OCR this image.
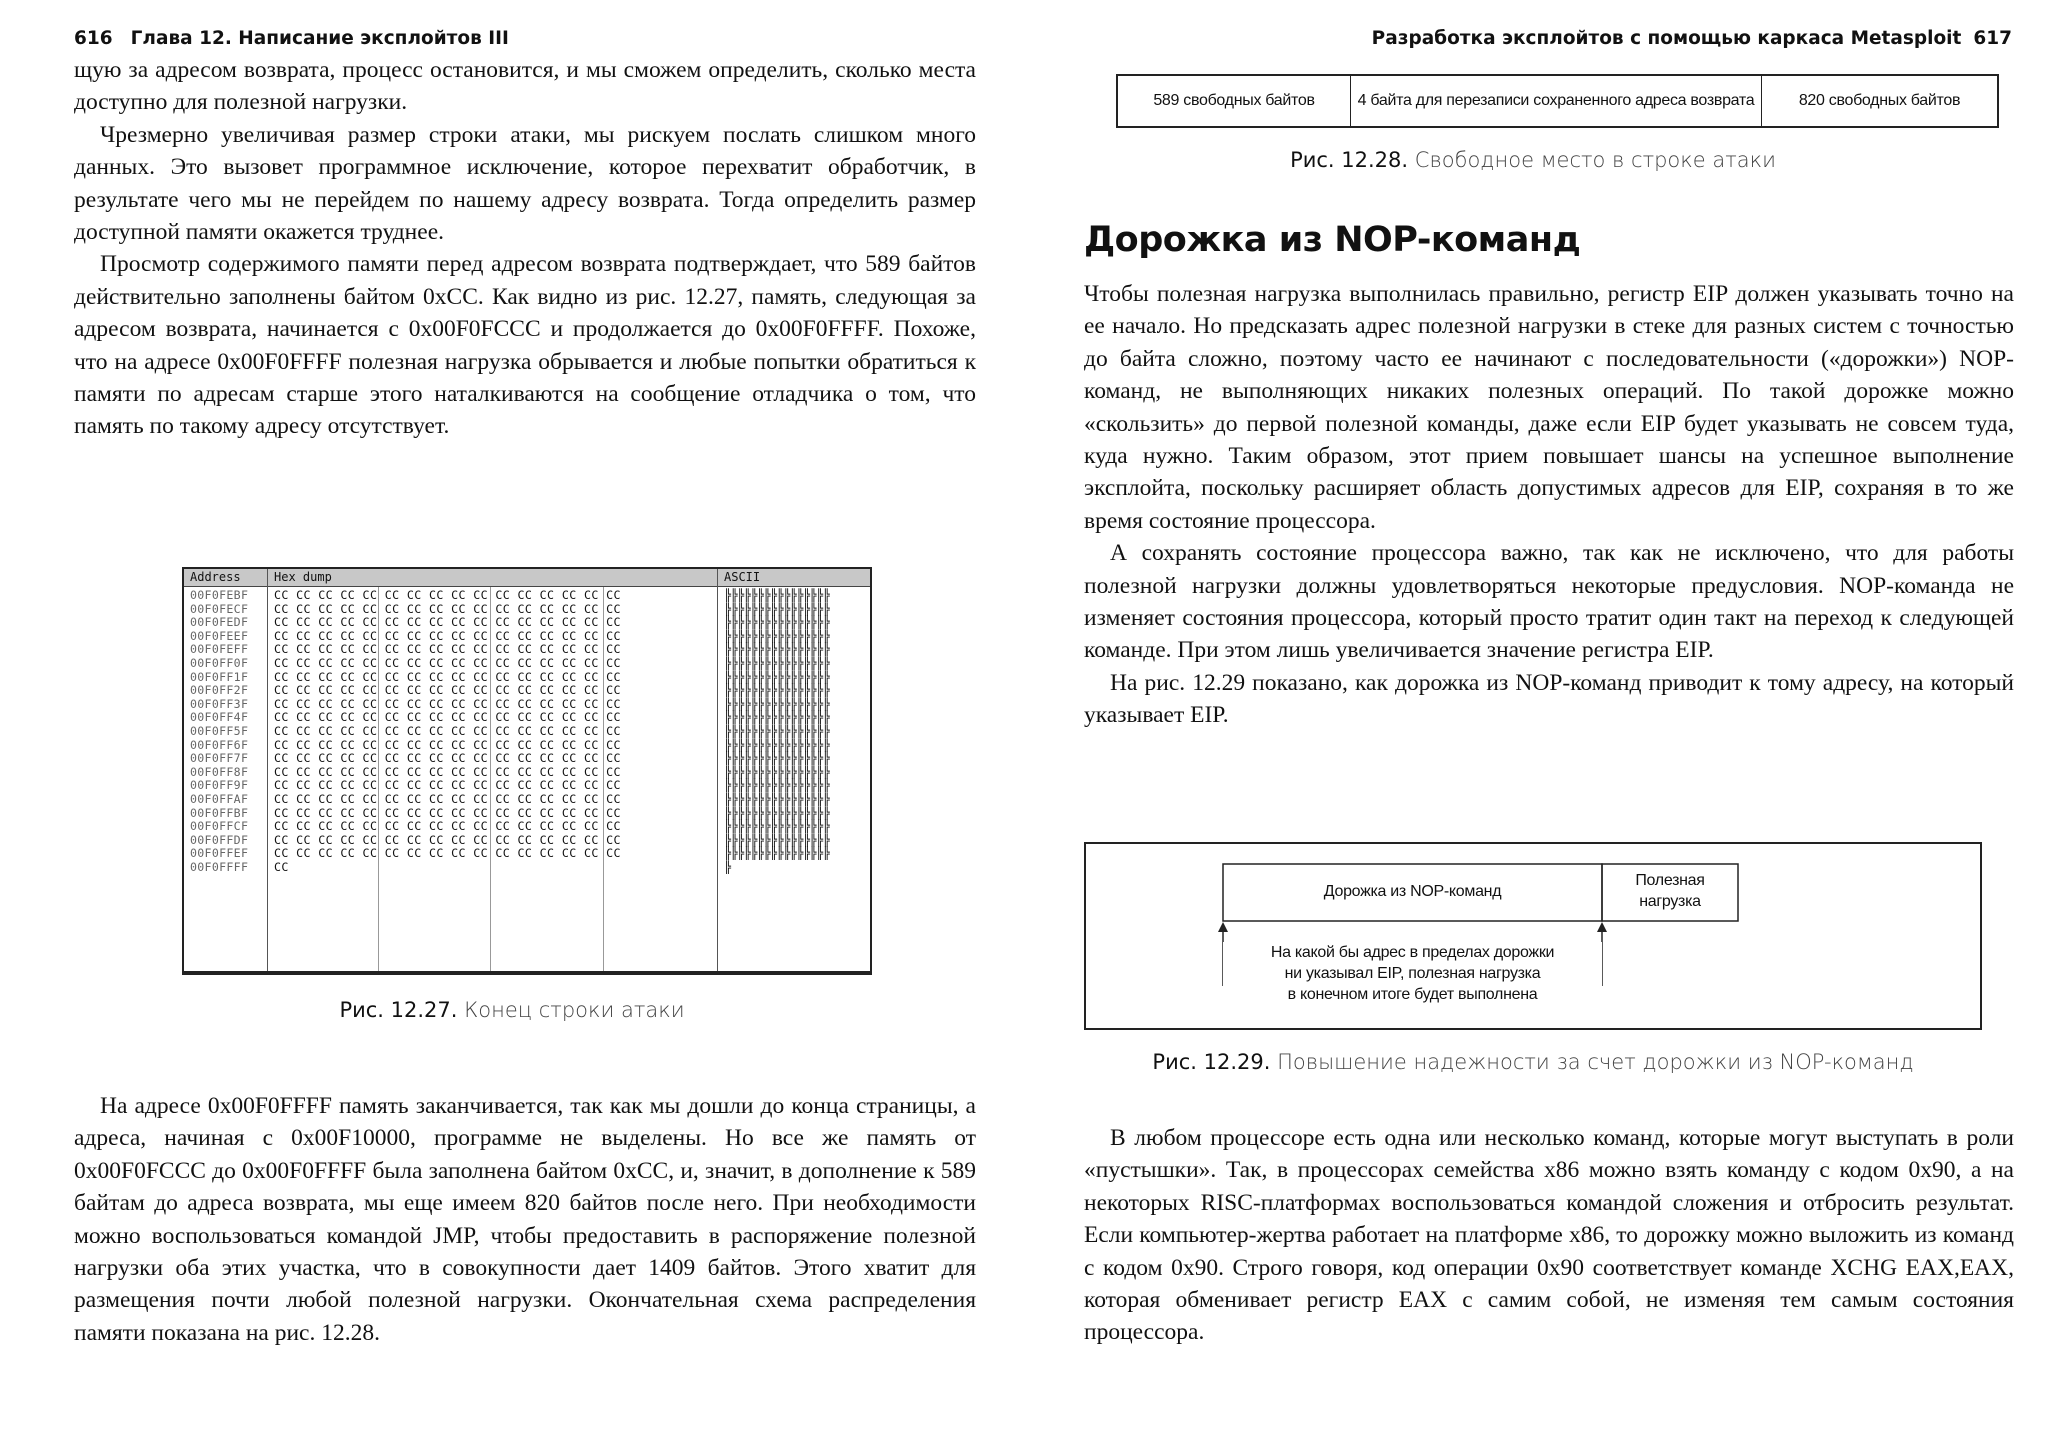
616 Глава 12. Написание эксплойтов III

щую за адресом возврата, процесс остановится, и мы сможем определить, сколько места доступно для полезной нагрузки.

Чрезмерно увеличивая размер строки атаки, мы рискуем послать слишком много данных. Это вызовет программное исключение, которое перехватит обработчик, в результате чего мы не перейдем по нашему адресу возврата. Тогда определить размер доступной памяти окажется труднее.

Просмотр содержимого памяти перед адресом возврата подтверждает, что 589 байтов действительно заполнены байтом 0xCC. Как видно из рис. 12.27, память, следующая за адресом возврата, начинается с 0x00F0FCCC и продолжается до 0x00F0FFFF. Похоже, что на адресе 0x00F0FFFF полезная нагрузка обрывается и любые попытки обратиться к памяти по адресам старше этого наталкиваются на сообщение отладчика о том, что память по такому адресу отсутствует.

Address	Hex dump	ASCII
00F0FEBF CC CC CC CC CC CC CC CC CC CC CC CC CC CC CC CC	╠╠╠╠╠╠╠╠╠╠╠╠╠╠╠╠
00F0FECF CC CC CC CC CC CC CC CC CC CC CC CC CC CC CC CC	╠╠╠╠╠╠╠╠╠╠╠╠╠╠╠╠
00F0FEDF CC CC CC CC CC CC CC CC CC CC CC CC CC CC CC CC	╠╠╠╠╠╠╠╠╠╠╠╠╠╠╠╠
00F0FEEF CC CC CC CC CC CC CC CC CC CC CC CC CC CC CC CC	╠╠╠╠╠╠╠╠╠╠╠╠╠╠╠╠
00F0FEFF CC CC CC CC CC CC CC CC CC CC CC CC CC CC CC CC	╠╠╠╠╠╠╠╠╠╠╠╠╠╠╠╠
00F0FF0F CC CC CC CC CC CC CC CC CC CC CC CC CC CC CC CC	╠╠╠╠╠╠╠╠╠╠╠╠╠╠╠╠
00F0FF1F CC CC CC CC CC CC CC CC CC CC CC CC CC CC CC CC	╠╠╠╠╠╠╠╠╠╠╠╠╠╠╠╠
00F0FF2F CC CC CC CC CC CC CC CC CC CC CC CC CC CC CC CC	╠╠╠╠╠╠╠╠╠╠╠╠╠╠╠╠
00F0FF3F CC CC CC CC CC CC CC CC CC CC CC CC CC CC CC CC	╠╠╠╠╠╠╠╠╠╠╠╠╠╠╠╠
00F0FF4F CC CC CC CC CC CC CC CC CC CC CC CC CC CC CC CC	╠╠╠╠╠╠╠╠╠╠╠╠╠╠╠╠
00F0FF5F CC CC CC CC CC CC CC CC CC CC CC CC CC CC CC CC	╠╠╠╠╠╠╠╠╠╠╠╠╠╠╠╠
00F0FF6F CC CC CC CC CC CC CC CC CC CC CC CC CC CC CC CC	╠╠╠╠╠╠╠╠╠╠╠╠╠╠╠╠
00F0FF7F CC CC CC CC CC CC CC CC CC CC CC CC CC CC CC CC	╠╠╠╠╠╠╠╠╠╠╠╠╠╠╠╠
00F0FF8F CC CC CC CC CC CC CC CC CC CC CC CC CC CC CC CC	╠╠╠╠╠╠╠╠╠╠╠╠╠╠╠╠
00F0FF9F CC CC CC CC CC CC CC CC CC CC CC CC CC CC CC CC	╠╠╠╠╠╠╠╠╠╠╠╠╠╠╠╠
00F0FFAF CC CC CC CC CC CC CC CC CC CC CC CC CC CC CC CC	╠╠╠╠╠╠╠╠╠╠╠╠╠╠╠╠
00F0FFBF CC CC CC CC CC CC CC CC CC CC CC CC CC CC CC CC	╠╠╠╠╠╠╠╠╠╠╠╠╠╠╠╠
00F0FFCF CC CC CC CC CC CC CC CC CC CC CC CC CC CC CC CC	╠╠╠╠╠╠╠╠╠╠╠╠╠╠╠╠
00F0FFDF CC CC CC CC CC CC CC CC CC CC CC CC CC CC CC CC	╠╠╠╠╠╠╠╠╠╠╠╠╠╠╠╠
00F0FFEF CC CC CC CC CC CC CC CC CC CC CC CC CC CC CC CC	╠╠╠╠╠╠╠╠╠╠╠╠╠╠╠╠
00F0FFFF CC	╠
Рис. 12.27. Конец строки атаки

На адресе 0x00F0FFFF память заканчивается, так как мы дошли до конца страницы, а адреса, начиная с 0x00F10000, программе не выделены. Но все же память от 0x00F0FCCC до 0x00F0FFFF была заполнена байтом 0xCC, и, значит, в дополнение к 589 байтам до адреса возврата, мы еще имеем 820 байтов после него. При необходимости можно воспользоваться командой JMP, чтобы предоставить в распоряжение полезной нагрузки оба этих участка, что в совокупности дает 1409 байтов. Этого хватит для размещения почти любой полезной нагрузки. Окончательная схема распределения памяти показана на рис. 12.28.

Разработка эксплойтов с помощью каркаса Metasploit 617
589 свободных байтов	4 байта для перезаписи сохраненного адреса возврата	820 свободных байтов
Рис. 12.28. Свободное место в строке атаки
Дорожка из NOP-команд

Чтобы полезная нагрузка выполнилась правильно, регистр EIP должен указывать точно на ее начало. Но предсказать адрес полезной нагрузки в стеке для разных систем с точностью до байта сложно, поэтому часто ее начинают с последовательности («дорожки») NOP-команд, не выполняющих никаких полезных операций. По такой дорожке можно «скользить» до первой полезной команды, даже если EIP будет указывать не совсем туда, куда нужно. Таким образом, этот прием повышает шансы на успешное выполнение эксплойта, поскольку расширяет область допустимых адресов для EIP, сохраняя в то же время состояние процессора.

А сохранять состояние процессора важно, так как не исключено, что для работы полезной нагрузки должны удовлетворяться некоторые предусловия. NOP-команда не изменяет состояния процессора, который просто тратит один такт на переход к следующей команде. При этом лишь увеличивается значение регистра EIP.

На рис. 12.29 показано, как дорожка из NOP-команд приводит к тому адресу, на который указывает EIP.

Дорожка из NOP-команд
Полезная
нагрузка
На какой бы адрес в пределах дорожки
ни указывал EIP, полезная нагрузка
в конечном итоге будет выполнена
Рис. 12.29. Повышение надежности за счет дорожки из NOP-команд

В любом процессоре есть одна или несколько команд, которые могут выступать в роли «пустышки». Так, в процессорах семейства x86 можно взять команду с кодом 0x90, а на некоторых RISC-платформах воспользоваться командой сложения и отбросить результат. Если компьютер-жертва работает на платформе x86, то дорожку можно выложить из команд с кодом 0x90. Строго говоря, код операции 0x90 соответствует команде XCHG EAX,EAX, которая обменивает регистр EAX с самим собой, не изменяя тем самым состояния процессора.
